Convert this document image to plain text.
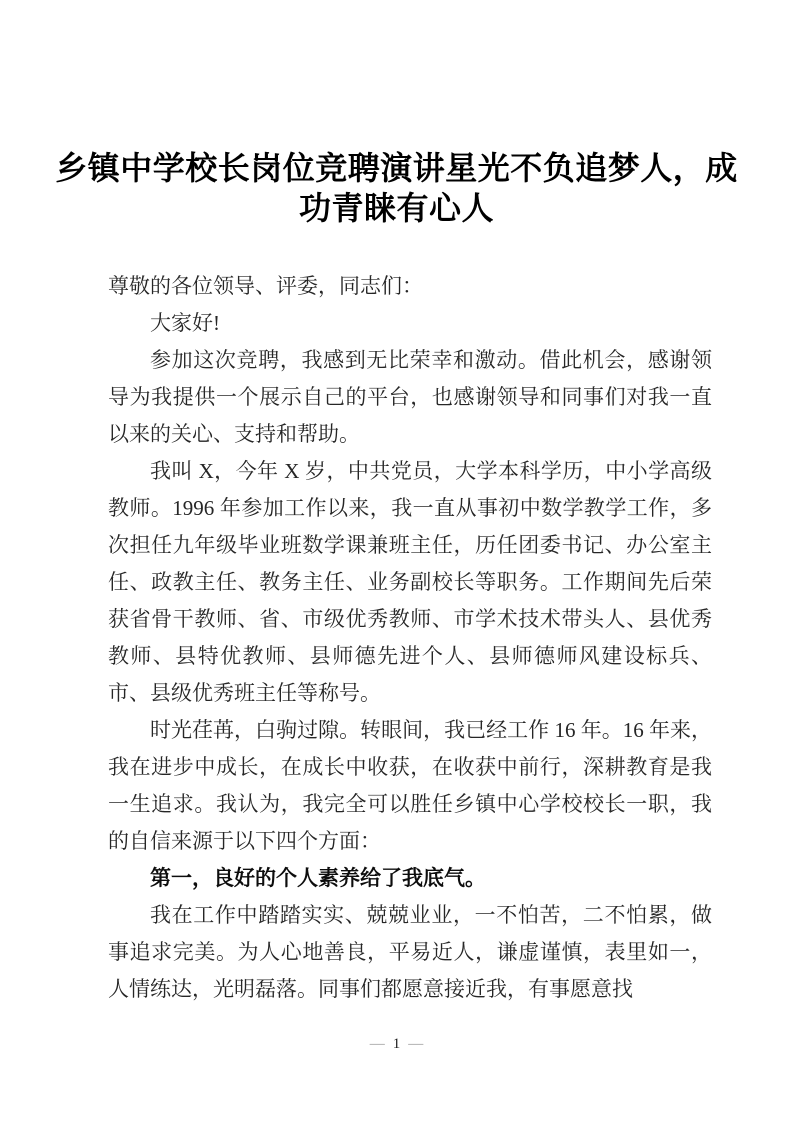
乡镇中学校长岗位竞聘演讲星光不负追梦人，成功青睐有心人

尊敬的各位领导、评委，同志们：

大家好!

参加这次竞聘，我感到无比荣幸和激动。借此机会，感谢领导为我提供一个展示自己的平台，也感谢领导和同事们对我一直以来的关心、支持和帮助。

我叫 X，今年 X 岁，中共党员，大学本科学历，中小学高级教师。1996 年参加工作以来，我一直从事初中数学教学工作，多次担任九年级毕业班数学课兼班主任，历任团委书记、办公室主任、政教主任、教务主任、业务副校长等职务。工作期间先后荣获省骨干教师、省、市级优秀教师、市学术技术带头人、县优秀教师、县特优教师、县师德先进个人、县师德师风建设标兵、市、县级优秀班主任等称号。

时光荏苒，白驹过隙。转眼间，我已经工作 16 年。16 年来，我在进步中成长，在成长中收获，在收获中前行，深耕教育是我一生追求。我认为，我完全可以胜任乡镇中心学校校长一职，我的自信来源于以下四个方面：

第一，良好的个人素养给了我底气。

我在工作中踏踏实实、兢兢业业，一不怕苦，二不怕累，做事追求完美。为人心地善良，平易近人，谦虚谨慎，表里如一，人情练达，光明磊落。同事们都愿意接近我，有事愿意找

— 1 —
